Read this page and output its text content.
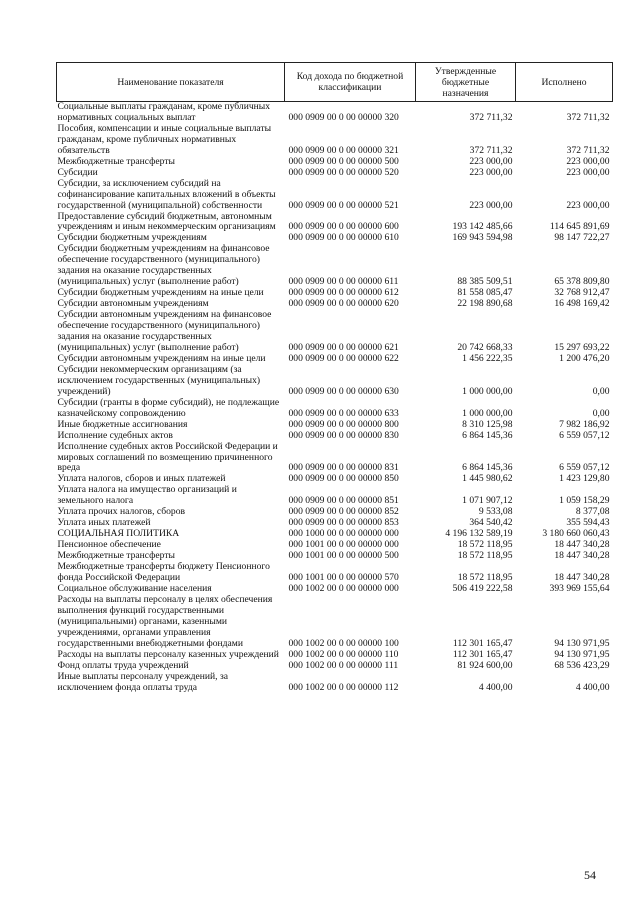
Наименование показателя	Код дохода по бюджетной классификации	Утвержденные бюджетные назначения	Исполнено
Социальные выплаты гражданам, кроме публичных нормативных социальных выплат	000 0909 00 0 00 00000 320	372 711,32	372 711,32
Пособия, компенсации и иные социальные выплаты гражданам, кроме публичных нормативных обязательств	000 0909 00 0 00 00000 321	372 711,32	372 711,32
Межбюджетные трансферты	000 0909 00 0 00 00000 500	223 000,00	223 000,00
Субсидии	000 0909 00 0 00 00000 520	223 000,00	223 000,00
Субсидии, за исключением субсидий на софинансирование капитальных вложений в объекты государственной (муниципальной) собственности	000 0909 00 0 00 00000 521	223 000,00	223 000,00
Предоставление субсидий бюджетным, автономным учреждениям и иным некоммерческим организациям	000 0909 00 0 00 00000 600	193 142 485,66	114 645 891,69
Субсидии бюджетным учреждениям	000 0909 00 0 00 00000 610	169 943 594,98	98 147 722,27
Субсидии бюджетным учреждениям на финансовое обеспечение государственного (муниципального) задания на оказание государственных (муниципальных) услуг (выполнение работ)	000 0909 00 0 00 00000 611	88 385 509,51	65 378 809,80
Субсидии бюджетным учреждениям на иные цели	000 0909 00 0 00 00000 612	81 558 085,47	32 768 912,47
Субсидии автономным учреждениям	000 0909 00 0 00 00000 620	22 198 890,68	16 498 169,42
Субсидии автономным учреждениям на финансовое обеспечение государственного (муниципального) задания на оказание государственных (муниципальных) услуг (выполнение работ)	000 0909 00 0 00 00000 621	20 742 668,33	15 297 693,22
Субсидии автономным учреждениям на иные цели	000 0909 00 0 00 00000 622	1 456 222,35	1 200 476,20
Субсидии некоммерческим организациям (за исключением государственных (муниципальных) учреждений)	000 0909 00 0 00 00000 630	1 000 000,00	0,00
Субсидии (гранты в форме субсидий), не подлежащие казначейскому сопровождению	000 0909 00 0 00 00000 633	1 000 000,00	0,00
Иные бюджетные ассигнования	000 0909 00 0 00 00000 800	8 310 125,98	7 982 186,92
Исполнение судебных актов	000 0909 00 0 00 00000 830	6 864 145,36	6 559 057,12
Исполнение судебных актов Российской Федерации и мировых соглашений по возмещению причиненного вреда	000 0909 00 0 00 00000 831	6 864 145,36	6 559 057,12
Уплата налогов, сборов и иных платежей	000 0909 00 0 00 00000 850	1 445 980,62	1 423 129,80
Уплата налога на имущество организаций и земельного налога	000 0909 00 0 00 00000 851	1 071 907,12	1 059 158,29
Уплата прочих налогов, сборов	000 0909 00 0 00 00000 852	9 533,08	8 377,08
Уплата иных платежей	000 0909 00 0 00 00000 853	364 540,42	355 594,43
СОЦИАЛЬНАЯ ПОЛИТИКА	000 1000 00 0 00 00000 000	4 196 132 589,19	3 180 660 060,43
Пенсионное обеспечение	000 1001 00 0 00 00000 000	18 572 118,95	18 447 340,28
Межбюджетные трансферты	000 1001 00 0 00 00000 500	18 572 118,95	18 447 340,28
Межбюджетные трансферты бюджету Пенсионного фонда Российской Федерации	000 1001 00 0 00 00000 570	18 572 118,95	18 447 340,28
Социальное обслуживание населения	000 1002 00 0 00 00000 000	506 419 222,58	393 969 155,64
Расходы на выплаты персоналу в целях обеспечения выполнения функций государственными (муниципальными) органами, казенными учреждениями, органами управления государственными внебюджетными фондами	000 1002 00 0 00 00000 100	112 301 165,47	94 130 971,95
Расходы на выплаты персоналу казенных учреждений	000 1002 00 0 00 00000 110	112 301 165,47	94 130 971,95
Фонд оплаты труда учреждений	000 1002 00 0 00 00000 111	81 924 600,00	68 536 423,29
Иные выплаты персоналу учреждений, за исключением фонда оплаты труда	000 1002 00 0 00 00000 112	4 400,00	4 400,00
54
